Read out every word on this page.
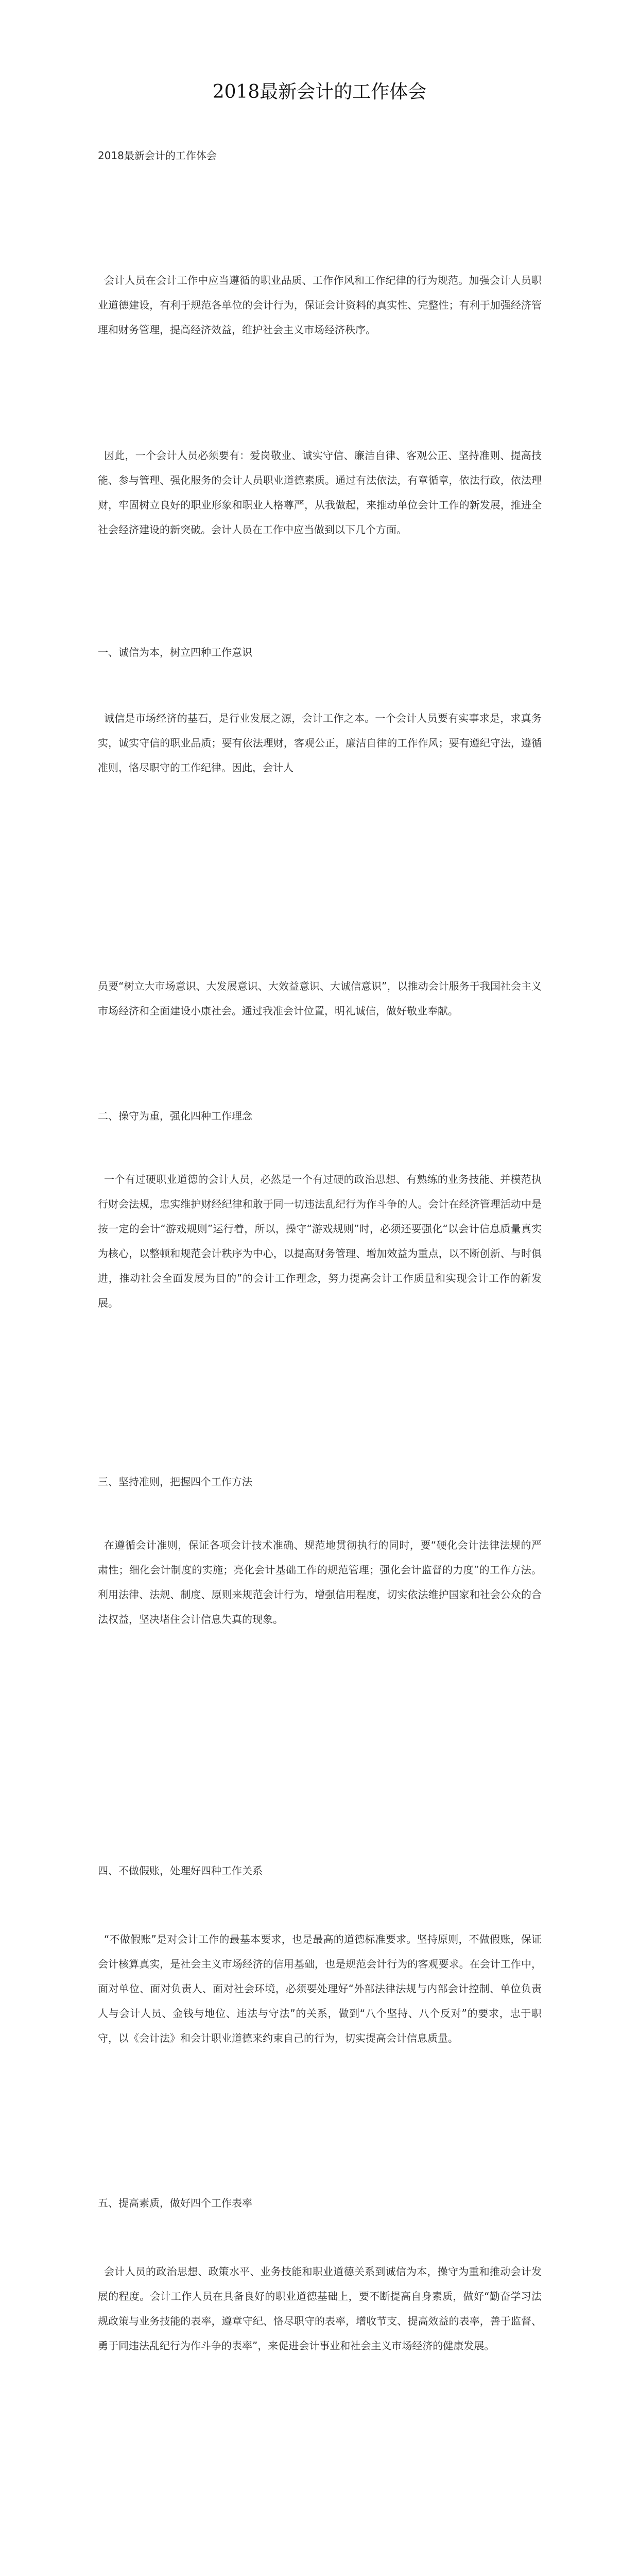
2018最新会计的工作体会

2018最新会计的工作体会

会计人员在会计工作中应当遵循的职业品质、工作作风和工作纪律的行为规范。加强会计人员职业道德建设，有利于规范各单位的会计行为，保证会计资料的真实性、完整性；有利于加强经济管理和财务管理，提高经济效益，维护社会主义市场经济秩序。

因此，一个会计人员必须要有：爱岗敬业、诚实守信、廉洁自律、客观公正、坚持准则、提高技能、参与管理、强化服务的会计人员职业道德素质。通过有法依法，有章循章，依法行政，依法理财，牢固树立良好的职业形象和职业人格尊严，从我做起，来推动单位会计工作的新发展，推进全社会经济建设的新突破。会计人员在工作中应当做到以下几个方面。

一、诚信为本，树立四种工作意识

诚信是市场经济的基石，是行业发展之源，会计工作之本。一个会计人员要有实事求是，求真务实，诚实守信的职业品质；要有依法理财，客观公正，廉洁自律的工作作风；要有遵纪守法，遵循准则，恪尽职守的工作纪律。因此，会计人

员要“树立大市场意识、大发展意识、大效益意识、大诚信意识”，以推动会计服务于我国社会主义市场经济和全面建设小康社会。通过我准会计位置，明礼诚信，做好敬业奉献。

二、操守为重，强化四种工作理念

一个有过硬职业道德的会计人员，必然是一个有过硬的政治思想、有熟练的业务技能、并模范执行财会法规，忠实维护财经纪律和敢于同一切违法乱纪行为作斗争的人。会计在经济管理活动中是按一定的会计“游戏规则”运行着，所以，操守“游戏规则”时，必须还要强化“以会计信息质量真实为核心，以整顿和规范会计秩序为中心，以提高财务管理、增加效益为重点，以不断创新、与时俱进，推动社会全面发展为目的”的会计工作理念，努力提高会计工作质量和实现会计工作的新发展。

三、坚持准则，把握四个工作方法

在遵循会计准则，保证各项会计技术准确、规范地贯彻执行的同时，要“硬化会计法律法规的严肃性；细化会计制度的实施；亮化会计基础工作的规范管理；强化会计监督的力度”的工作方法。利用法律、法规、制度、原则来规范会计行为，增强信用程度，切实依法维护国家和社会公众的合法权益，坚决堵住会计信息失真的现象。

四、不做假账，处理好四种工作关系

“不做假账”是对会计工作的最基本要求，也是最高的道德标准要求。坚持原则，不做假账，保证会计核算真实，是社会主义市场经济的信用基础，也是规范会计行为的客观要求。在会计工作中，面对单位、面对负责人、面对社会环境，必须要处理好“外部法律法规与内部会计控制、单位负责人与会计人员、金钱与地位、违法与守法”的关系，做到“八个坚持、八个反对”的要求，忠于职守，以《会计法》和会计职业道德来约束自己的行为，切实提高会计信息质量。

五、提高素质，做好四个工作表率

会计人员的政治思想、政策水平、业务技能和职业道德关系到诚信为本，操守为重和推动会计发展的程度。会计工作人员在具备良好的职业道德基础上，要不断提高自身素质，做好“勤奋学习法规政策与业务技能的表率，遵章守纪、恪尽职守的表率，增收节支、提高效益的表率，善于监督、勇于同违法乱纪行为作斗争的表率”，来促进会计事业和社会主义市场经济的健康发展。
